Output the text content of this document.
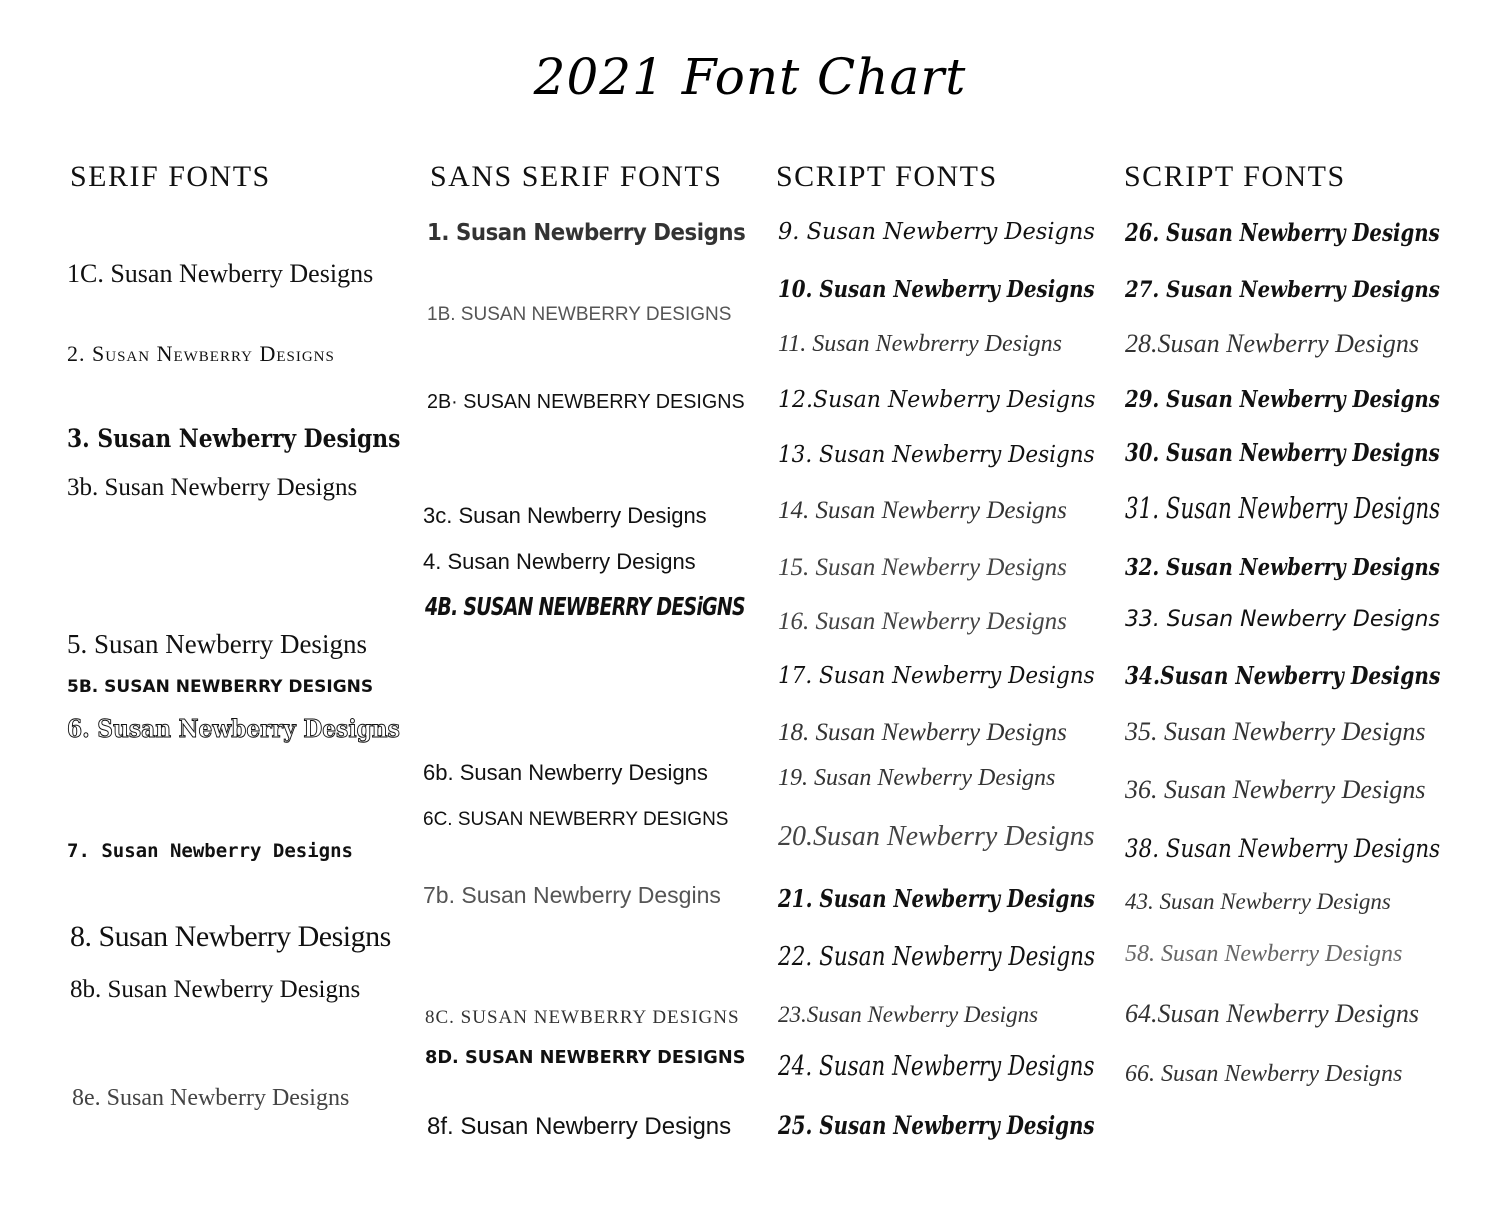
2021 Font Chart
SERIF FONTS	SANS SERIF FONTS SCRIPT FONTS	SCRIPT FONTS
1C. Susan Newberry Designs
2. Susan Newberry Designs
3. Susan Newberry Designs
3b. Susan Newberry Designs
5. Susan Newberry Designs
5B. SUSAN NEWBERRY DESIGNS
6. Susan Newberry Designs
7. Susan Newberry Designs
8. Susan Newberry Designs
8b. Susan Newberry Designs
8e. Susan Newberry Designs
1. Susan Newberry Designs
1B. SUSAN NEWBERRY DESIGNS
2B· SUSAN NEWBERRY DESIGNS
3c. Susan Newberry Designs
4. Susan Newberry Designs
4B. SUSAN NEWBERRY DESiGNS
6b. Susan Newberry Designs
6C. SUSAN NEWBERRY DESIGNS
7b. Susan Newberry Desgins
8C. SUSAN NEWBERRY DESIGNS
8D. SUSAN NEWBERRY DESIGNS
8f. Susan Newberry Designs
9. Susan Newberry Designs
10. Susan Newberry Designs
11. Susan Newbrerry Designs
12.Susan Newberry Designs
13. Susan Newberry Designs
14. Susan Newberry Designs
15. Susan Newberry Designs
16. Susan Newberry Designs
17. Susan Newberry Designs
18. Susan Newberry Designs
19. Susan Newberry Designs
20.Susan Newberry Designs
21. Susan Newberry Designs
22. Susan Newberry Designs
23.Susan Newberry Designs
24. Susan Newberry Designs
25. Susan Newberry Designs
26. Susan Newberry Designs
27. Susan Newberry Designs
28.Susan Newberry Designs
29. Susan Newberry Designs
30. Susan Newberry Designs
31. Susan Newberry Designs
32. Susan Newberry Designs
33. Susan Newberry Designs
34.Susan Newberry Designs
35. Susan Newberry Designs
36. Susan Newberry Designs
38. Susan Newberry Designs
43. Susan Newberry Designs
58. Susan Newberry Designs
64.Susan Newberry Designs
66. Susan Newberry Designs
